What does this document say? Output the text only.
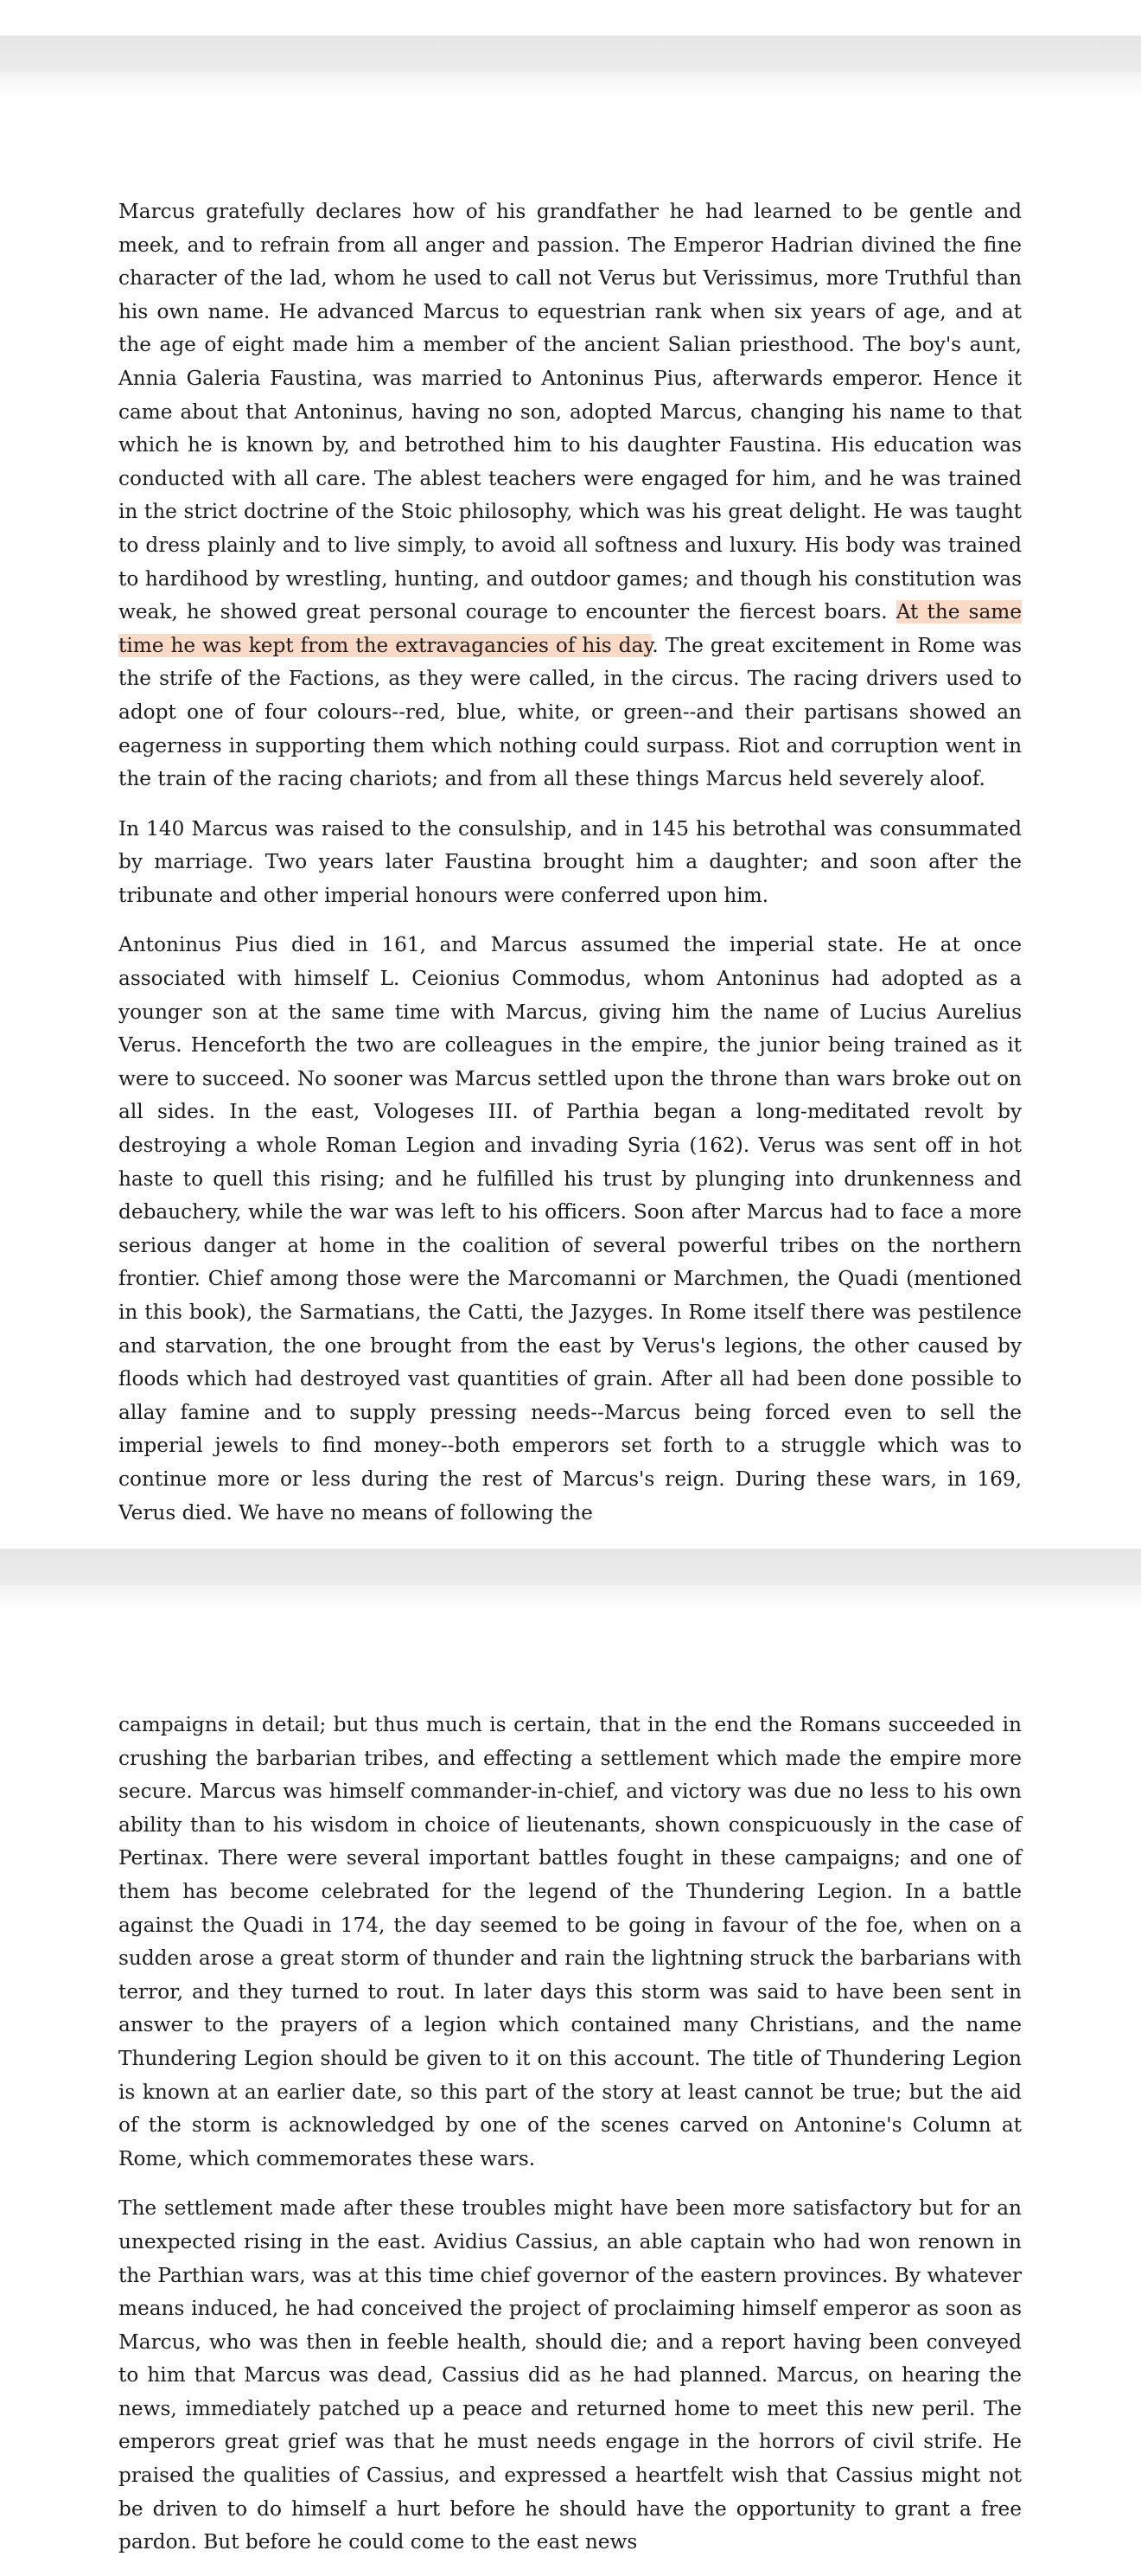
Marcus gratefully declares how of his grandfather he had learned to be gentle and meek, and to refrain from all anger and passion. The Emperor Hadrian divined the fine character of the lad, whom he used to call not Verus but Verissimus, more Truthful than his own name. He advanced Marcus to equestrian rank when six years of age, and at the age of eight made him a member of the ancient Salian priesthood. The boy's aunt, Annia Galeria Faustina, was married to Antoninus Pius, afterwards emperor. Hence it came about that Antoninus, having no son, adopted Marcus, changing his name to that which he is known by, and betrothed him to his daughter Faustina. His education was conducted with all care. The ablest teachers were engaged for him, and he was trained in the strict doctrine of the Stoic philosophy, which was his great delight. He was taught to dress plainly and to live simply, to avoid all softness and luxury. His body was trained to hardihood by wrestling, hunting, and outdoor games; and though his constitution was weak, he showed great personal courage to encounter the fiercest boars. At the same time he was kept from the extravagancies of his day. The great excitement in Rome was the strife of the Factions, as they were called, in the circus. The racing drivers used to adopt one of four colours--red, blue, white, or green--and their partisans showed an eagerness in supporting them which nothing could surpass. Riot and corruption went in the train of the racing chariots; and from all these things Marcus held severely aloof.

In 140 Marcus was raised to the consulship, and in 145 his betrothal was consummated by marriage. Two years later Faustina brought him a daughter; and soon after the tribunate and other imperial honours were conferred upon him.

Antoninus Pius died in 161, and Marcus assumed the imperial state. He at once associated with himself L. Ceionius Commodus, whom Antoninus had adopted as a younger son at the same time with Marcus, giving him the name of Lucius Aurelius Verus. Henceforth the two are colleagues in the empire, the junior being trained as it were to succeed. No sooner was Marcus settled upon the throne than wars broke out on all sides. In the east, Vologeses III. of Parthia began a long-meditated revolt by destroying a whole Roman Legion and invading Syria (162). Verus was sent off in hot haste to quell this rising; and he fulfilled his trust by plunging into drunkenness and debauchery, while the war was left to his officers. Soon after Marcus had to face a more serious danger at home in the coalition of several powerful tribes on the northern frontier. Chief among those were the Marcomanni or Marchmen, the Quadi (mentioned in this book), the Sarmatians, the Catti, the Jazyges. In Rome itself there was pestilence and starvation, the one brought from the east by Verus's legions, the other caused by floods which had destroyed vast quantities of grain. After all had been done possible to allay famine and to supply pressing needs--Marcus being forced even to sell the imperial jewels to find money--both emperors set forth to a struggle which was to continue more or less during the rest of Marcus's reign. During these wars, in 169, Verus died. We have no means of following the

campaigns in detail; but thus much is certain, that in the end the Romans succeeded in crushing the barbarian tribes, and effecting a settlement which made the empire more secure. Marcus was himself commander-in-chief, and victory was due no less to his own ability than to his wisdom in choice of lieutenants, shown conspicuously in the case of Pertinax. There were several important battles fought in these campaigns; and one of them has become celebrated for the legend of the Thundering Legion. In a battle against the Quadi in 174, the day seemed to be going in favour of the foe, when on a sudden arose a great storm of thunder and rain the lightning struck the barbarians with terror, and they turned to rout. In later days this storm was said to have been sent in answer to the prayers of a legion which contained many Christians, and the name Thundering Legion should be given to it on this account. The title of Thundering Legion is known at an earlier date, so this part of the story at least cannot be true; but the aid of the storm is acknowledged by one of the scenes carved on Antonine's Column at Rome, which commemorates these wars.

The settlement made after these troubles might have been more satisfactory but for an unexpected rising in the east. Avidius Cassius, an able captain who had won renown in the Parthian wars, was at this time chief governor of the eastern provinces. By whatever means induced, he had conceived the project of proclaiming himself emperor as soon as Marcus, who was then in feeble health, should die; and a report having been conveyed to him that Marcus was dead, Cassius did as he had planned. Marcus, on hearing the news, immediately patched up a peace and returned home to meet this new peril. The emperors great grief was that he must needs engage in the horrors of civil strife. He praised the qualities of Cassius, and expressed a heartfelt wish that Cassius might not be driven to do himself a hurt before he should have the opportunity to grant a free pardon. But before he could come to the east news
